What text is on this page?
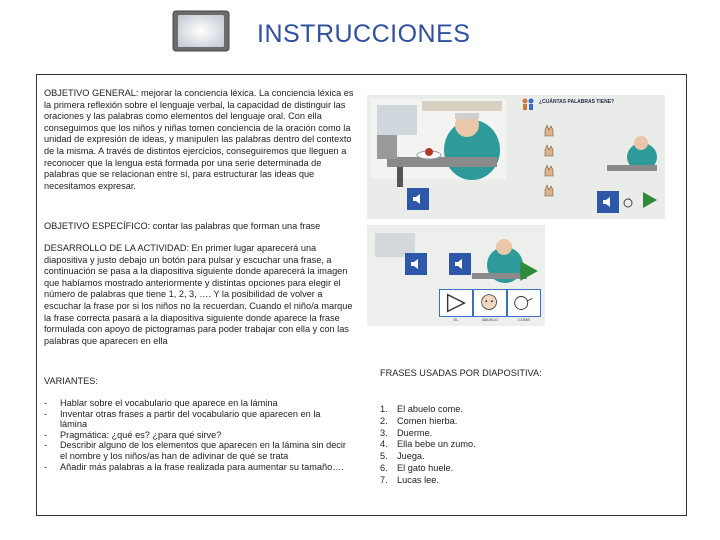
INSTRUCCIONES
OBJETIVO GENERAL: mejorar la conciencia léxica. La conciencia léxica es la primera reflexión sobre el lenguaje verbal, la capacidad de distinguir las oraciones y las palabras como elementos del lenguaje oral. Con ella conseguimos que los niños y niñas tomen conciencia de la oración como la unidad de expresión de ideas, y manipulen las palabras dentro del contexto de la misma. A través de distintos ejercicios, conseguiremos que lleguen a reconocer que la lengua está formada por una serie determinada de palabras que se relacionan entre sí, para estructurar las ideas que necesitamos expresar.
OBJETIVO ESPECÍFICO: contar las palabras que forman una frase
DESARROLLO DE LA ACTIVIDAD: En primer lugar aparecerá una diapositiva y justo debajo un botón para pulsar y escuchar una frase, a continuación se pasa a la diapositiva siguiente donde aparecerá la imagen que habíamos mostrado anteriormente y distintas opciones para elegir el número de palabras que tiene 1, 2, 3, …. Y la posibilidad de volver a escuchar la frase por si los niños no la recuerdan. Cuando el niño/a marque la frase correcta pasará a la diapositiva siguiente donde aparece la frase formulada con apoyo de pictogramas para poder trabajar con ella y con las palabras que aparecen en ella
VARIANTES:
- Hablar sobre el vocabulario que aparece en la lámina
- Inventar otras frases a partir del vocabulario que aparecen en la lámina
- Pragmática: ¿qué es? ¿para qué sirve?
- Describir alguno de los elementos que aparecen en la lámina sin decir el nombre y los niños/as han de adivinar de qué se trata
- Añadir más palabras a la frase realizada para aumentar su tamaño….
FRASES USADAS POR DIAPOSITIVA:
1. El abuelo come.
2. Comen hierba.
3. Duerme.
4. Ella bebe un zumo.
5. Juega.
6. El gato huele.
7. Lucas lee.
¿CUÁNTAS PALABRAS TIENE?
EL	ABUELO	COME
